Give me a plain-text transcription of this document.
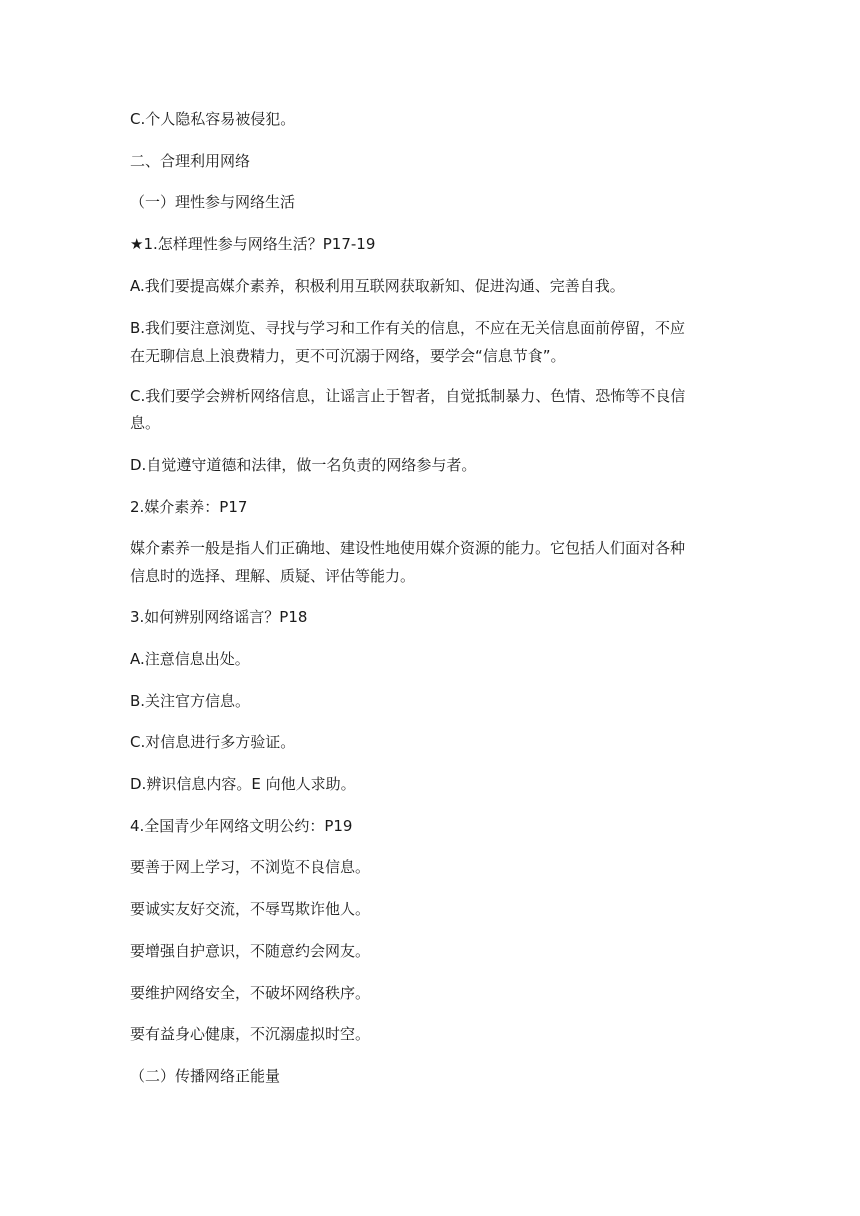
C.个人隐私容易被侵犯。

二、合理利用网络

（一）理性参与网络生活

★1.怎样理性参与网络生活？P17-19

A.我们要提高媒介素养，积极利用互联网获取新知、促进沟通、完善自我。

B.我们要注意浏览、寻找与学习和工作有关的信息，不应在无关信息面前停留，不应

在无聊信息上浪费精力，更不可沉溺于网络，要学会“信息节食”。

C.我们要学会辨析网络信息，让谣言止于智者，自觉抵制暴力、色情、恐怖等不良信

息。

D.自觉遵守道德和法律，做一名负责的网络参与者。

2.媒介素养：P17

媒介素养一般是指人们正确地、建设性地使用媒介资源的能力。它包括人们面对各种

信息时的选择、理解、质疑、评估等能力。

3.如何辨别网络谣言？P18

A.注意信息出处。

B.关注官方信息。

C.对信息进行多方验证。

D.辨识信息内容。E 向他人求助。

4.全国青少年网络文明公约：P19

要善于网上学习，不浏览不良信息。

要诚实友好交流，不辱骂欺诈他人。

要增强自护意识，不随意约会网友。

要维护网络安全，不破坏网络秩序。

要有益身心健康，不沉溺虚拟时空。

（二）传播网络正能量
